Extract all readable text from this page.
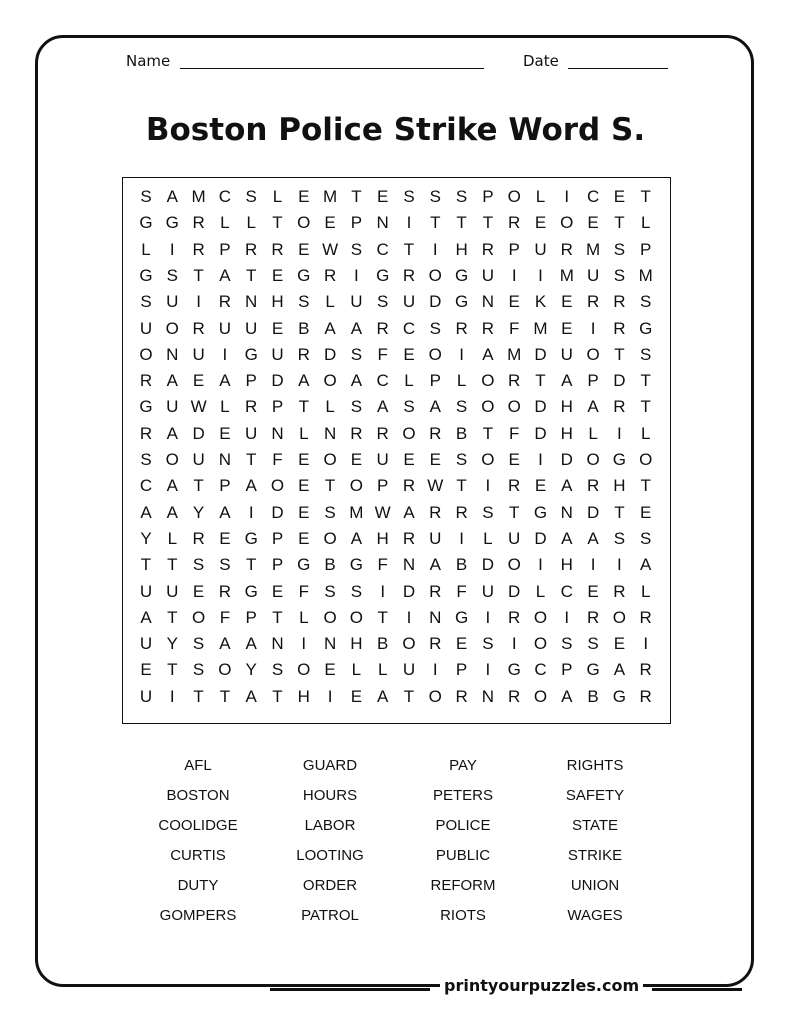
Name	Date
Boston Police Strike Word S.
S A M C S L E M T E S S S P O L	I	C E T
G G R L L T O E P N	I	T T T R E O E T L
L	I	R P R R E W S C T	I	H R P U R M S P
G S T A T E G R	I	G R O G U	I	I M U S M
S U	I	R N H S L U S U D G N E K E R R S
U O R U U E B A A R C S R R F M E	I	R G
O N U	I	G U R D S F E O	I	A M D U O T S
R A E A P D A O A C L P L O R T A P D T
G U W L R P T L S A S A S O O D H A R T
R A D E U N L N R R O R B T F D H L	I	L
S O U N T F E O E U E E S O E	I	D O G O
C A T P A O E T O P R W T	I	R E A R H T
A A Y A	I	D E S M W A R R S T G N D T E
Y L R E G P E O A H R U	I	L U D A A S S
T T S S T P G B G F N A B D O	I	H	I	I	A
U U E R G E F S S	I	D R F U D L C E R L
A T O F P T L O O T	I	N G	I	R O	I	R O R
U Y S A A N	I	N H B O R E S	I	O S S E	I
E T S O Y S O E L L U	I	P	I	G C P G A R
U	I	T T A T H	I	E A T O R N R O A B G R
AFL	GUARD	PAY	RIGHTS
BOSTON	HOURS	PETERS	SAFETY
COOLIDGE	LABOR	POLICE	STATE
CURTIS	LOOTING	PUBLIC	STRIKE
DUTY	ORDER	REFORM	UNION
GOMPERS	PATROL	RIOTS	WAGES
printyourpuzzles.com
